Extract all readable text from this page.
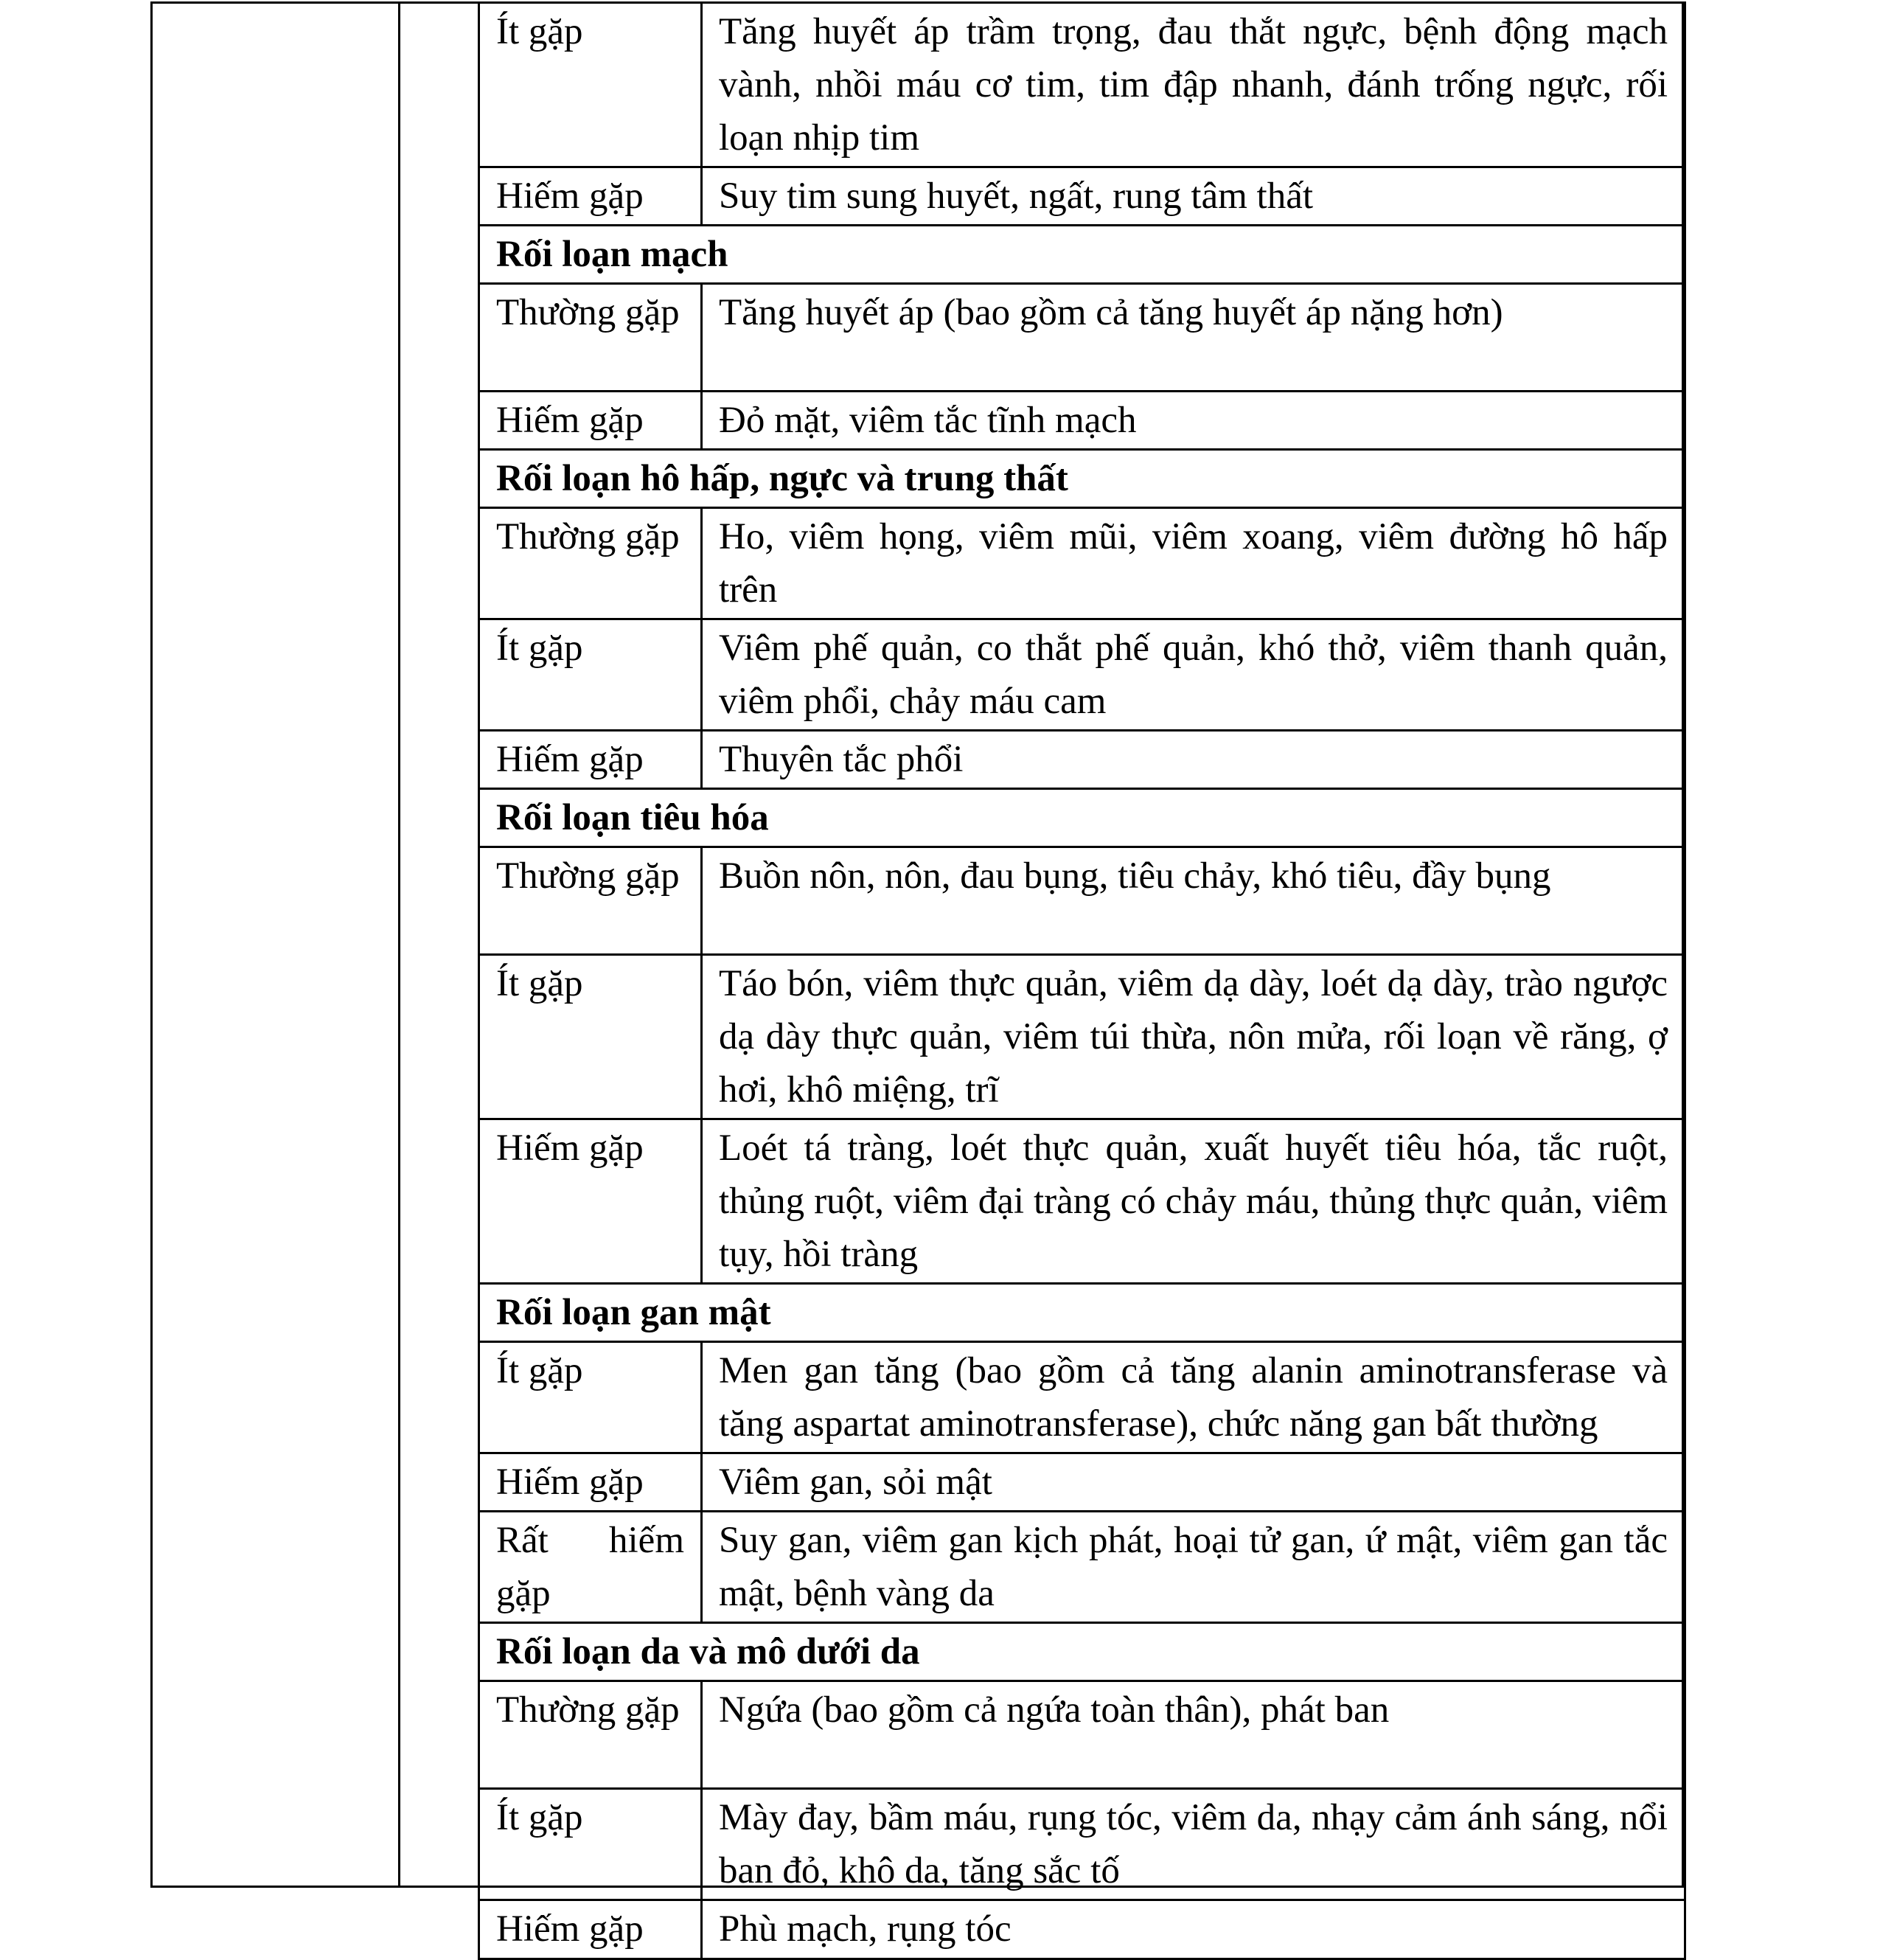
Ít gặp	Tăng huyết áp trầm trọng, đau thắt ngực, bệnh động mạch vành, nhồi máu cơ tim, tim đập nhanh, đánh trống ngực, rối loạn nhịp tim
Hiếm gặp	Suy tim sung huyết, ngất, rung tâm thất
Rối loạn mạch	
Thường gặp	Tăng huyết áp (bao gồm cả tăng huyết áp nặng hơn)
Hiếm gặp	Đỏ mặt, viêm tắc tĩnh mạch
Rối loạn hô hấp, ngực và trung thất	
Thường gặp	Ho, viêm họng, viêm mũi, viêm xoang, viêm đường hô hấp trên
Ít gặp	Viêm phế quản, co thắt phế quản, khó thở, viêm thanh quản, viêm phổi, chảy máu cam
Hiếm gặp	Thuyên tắc phổi
Rối loạn tiêu hóa	
Thường gặp	Buồn nôn, nôn, đau bụng, tiêu chảy, khó tiêu, đầy bụng
Ít gặp	Táo bón, viêm thực quản, viêm dạ dày, loét dạ dày, trào ngược dạ dày thực quản, viêm túi thừa, nôn mửa, rối loạn về răng, ợ hơi, khô miệng, trĩ
Hiếm gặp	Loét tá tràng, loét thực quản, xuất huyết tiêu hóa, tắc ruột, thủng ruột, viêm đại tràng có chảy máu, thủng thực quản, viêm tụy, hồi tràng
Rối loạn gan mật	
Ít gặp	Men gan tăng (bao gồm cả tăng alanin aminotransferase và tăng aspartat aminotransferase), chức năng gan bất thường
Hiếm gặp	Viêm gan, sỏi mật
Rất hiếm gặp	Suy gan, viêm gan kịch phát, hoại tử gan, ứ mật, viêm gan tắc mật, bệnh vàng da
Rối loạn da và mô dưới da	
Thường gặp	Ngứa (bao gồm cả ngứa toàn thân), phát ban
Ít gặp	Mày đay, bầm máu, rụng tóc, viêm da, nhạy cảm ánh sáng, nổi ban đỏ, khô da, tăng sắc tố
Hiếm gặp	Phù mạch, rụng tóc
